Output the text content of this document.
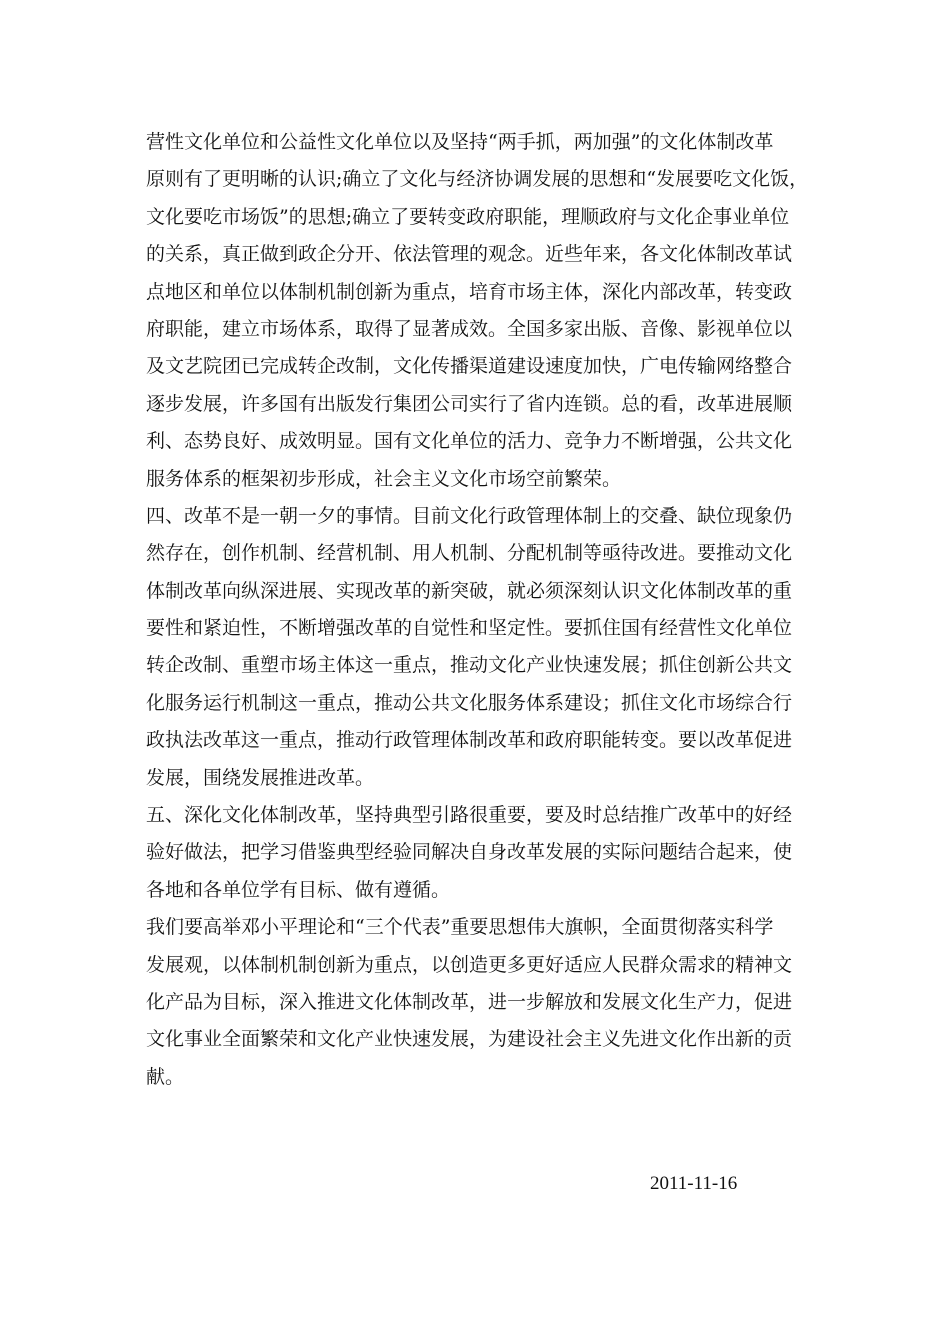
营性文化单位和公益性文化单位以及坚持“两手抓，两加强”的文化体制改革
原则有了更明晰的认识;确立了文化与经济协调发展的思想和“发展要吃文化饭，
文化要吃市场饭”的思想;确立了要转变政府职能，理顺政府与文化企事业单位
的关系，真正做到政企分开、依法管理的观念。近些年来，各文化体制改革试
点地区和单位以体制机制创新为重点，培育市场主体，深化内部改革，转变政
府职能，建立市场体系，取得了显著成效。全国多家出版、音像、影视单位以
及文艺院团已完成转企改制，文化传播渠道建设速度加快，广电传输网络整合
逐步发展，许多国有出版发行集团公司实行了省内连锁。总的看，改革进展顺
利、态势良好、成效明显。国有文化单位的活力、竞争力不断增强，公共文化
服务体系的框架初步形成，社会主义文化市场空前繁荣。
四、改革不是一朝一夕的事情。目前文化行政管理体制上的交叠、缺位现象仍
然存在，创作机制、经营机制、用人机制、分配机制等亟待改进。要推动文化
体制改革向纵深进展、实现改革的新突破，就必须深刻认识文化体制改革的重
要性和紧迫性，不断增强改革的自觉性和坚定性。要抓住国有经营性文化单位
转企改制、重塑市场主体这一重点，推动文化产业快速发展；抓住创新公共文
化服务运行机制这一重点，推动公共文化服务体系建设；抓住文化市场综合行
政执法改革这一重点，推动行政管理体制改革和政府职能转变。要以改革促进
发展，围绕发展推进改革。
五、深化文化体制改革，坚持典型引路很重要，要及时总结推广改革中的好经
验好做法，把学习借鉴典型经验同解决自身改革发展的实际问题结合起来，使
各地和各单位学有目标、做有遵循。
我们要高举邓小平理论和“三个代表”重要思想伟大旗帜，全面贯彻落实科学
发展观，以体制机制创新为重点，以创造更多更好适应人民群众需求的精神文
化产品为目标，深入推进文化体制改革，进一步解放和发展文化生产力，促进
文化事业全面繁荣和文化产业快速发展，为建设社会主义先进文化作出新的贡
献。
2011-11-16
